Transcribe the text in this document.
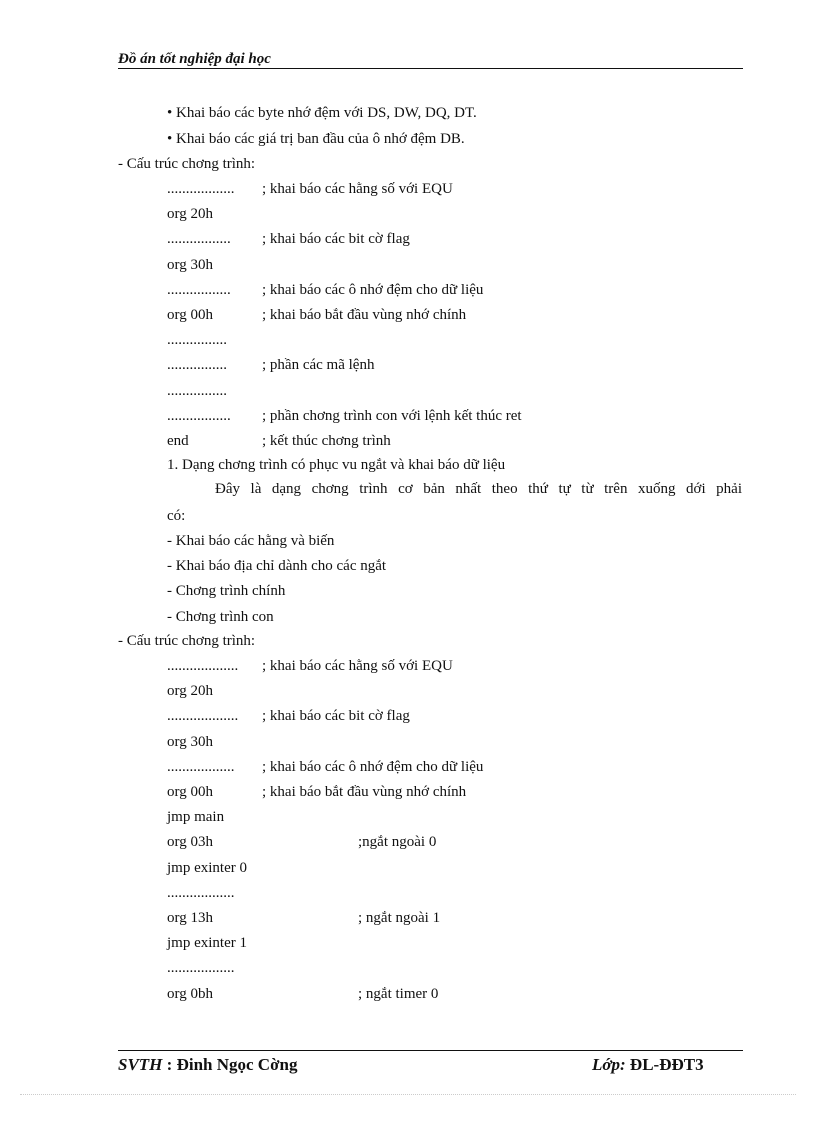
Đồ án tốt nghiệp đại học
• Khai báo các byte nhớ đệm với DS, DW, DQ, DT.
• Khai báo các giá trị ban đầu của ô nhớ đệm DB.
- Cấu trúc chơng trình:
.................. ; khai báo các hằng số với EQU
org 20h
................. ; khai báo các bit cờ flag
org 30h
................. ; khai báo các ô nhớ đệm cho dữ liệu
org 00h	; khai báo bắt đầu vùng nhớ chính
................
................ ; phần các mã lệnh
................
................. ; phần chơng trình con với lệnh kết thúc ret
end	; kết thúc chơng trình
1. Dạng chơng trình có phục vu ngắt và khai báo dữ liệu
Đây là dạng chơng trình cơ bản nhất theo thứ tự từ trên xuống dới phải
có:
- Khai báo các hằng và biến
- Khai báo địa chỉ dành cho các ngắt
- Chơng trình chính
- Chơng trình con
- Cấu trúc chơng trình:
................... ; khai báo các hằng số với EQU
org 20h
................... ; khai báo các bit cờ flag
org 30h
.................. ; khai báo các ô nhớ đệm cho dữ liệu
org 00h	; khai báo bắt đầu vùng nhớ chính
jmp main
org 03h	;ngắt ngoài 0
jmp exinter 0
..................
org 13h	; ngắt ngoài 1
jmp exinter 1
..................
org 0bh	; ngắt timer 0
SVTH : Đinh Ngọc Cờng	Lớp: ĐL-ĐĐT3
